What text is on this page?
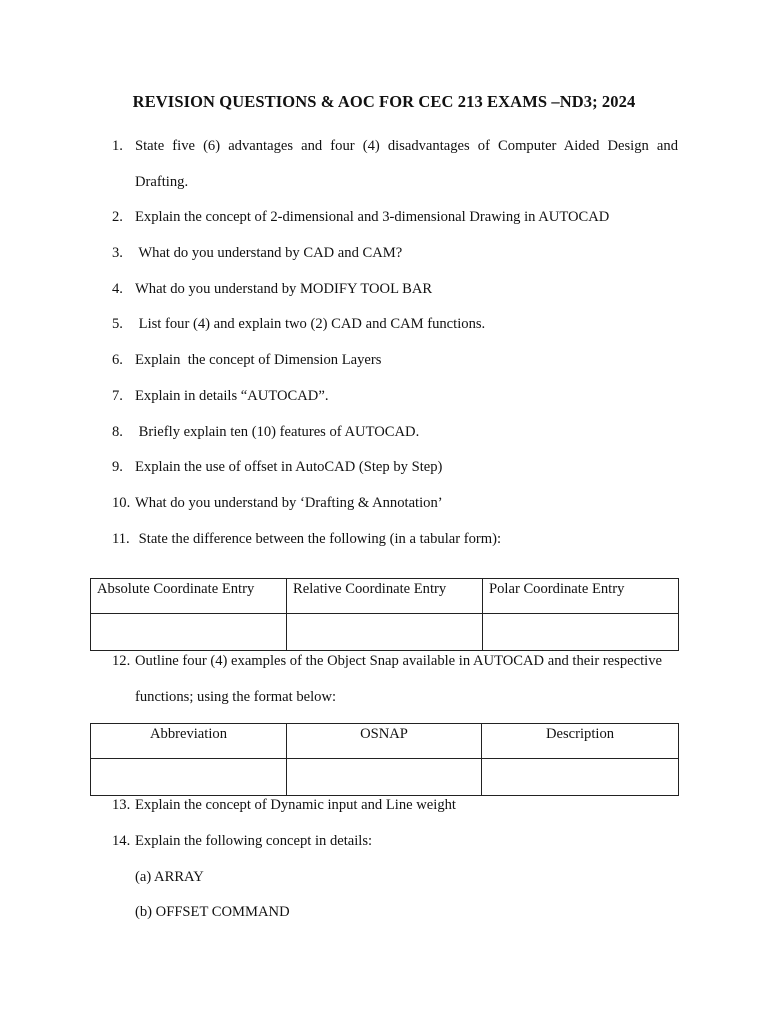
REVISION QUESTIONS & AOC FOR CEC 213 EXAMS –ND3; 2024
1. State five (6) advantages and four (4) disadvantages of Computer Aided Design and
Drafting.
2. Explain the concept of 2-dimensional and 3-dimensional Drawing in AUTOCAD
3. What do you understand by CAD and CAM?
4. What do you understand by MODIFY TOOL BAR
5. List four (4) and explain two (2) CAD and CAM functions.
6. Explain  the concept of Dimension Layers
7. Explain in details “AUTOCAD”.
8. Briefly explain ten (10) features of AUTOCAD.
9. Explain the use of offset in AutoCAD (Step by Step)
10. What do you understand by ‘Drafting & Annotation’
11. State the difference between the following (in a tabular form):
Absolute Coordinate Entry	Relative Coordinate Entry	Polar Coordinate Entry

12. Outline four (4) examples of the Object Snap available in AUTOCAD and their respective
functions; using the format below:
Abbreviation	OSNAP	Description

13. Explain the concept of Dynamic input and Line weight
14. Explain the following concept in details:
(a) ARRAY
(b) OFFSET COMMAND
